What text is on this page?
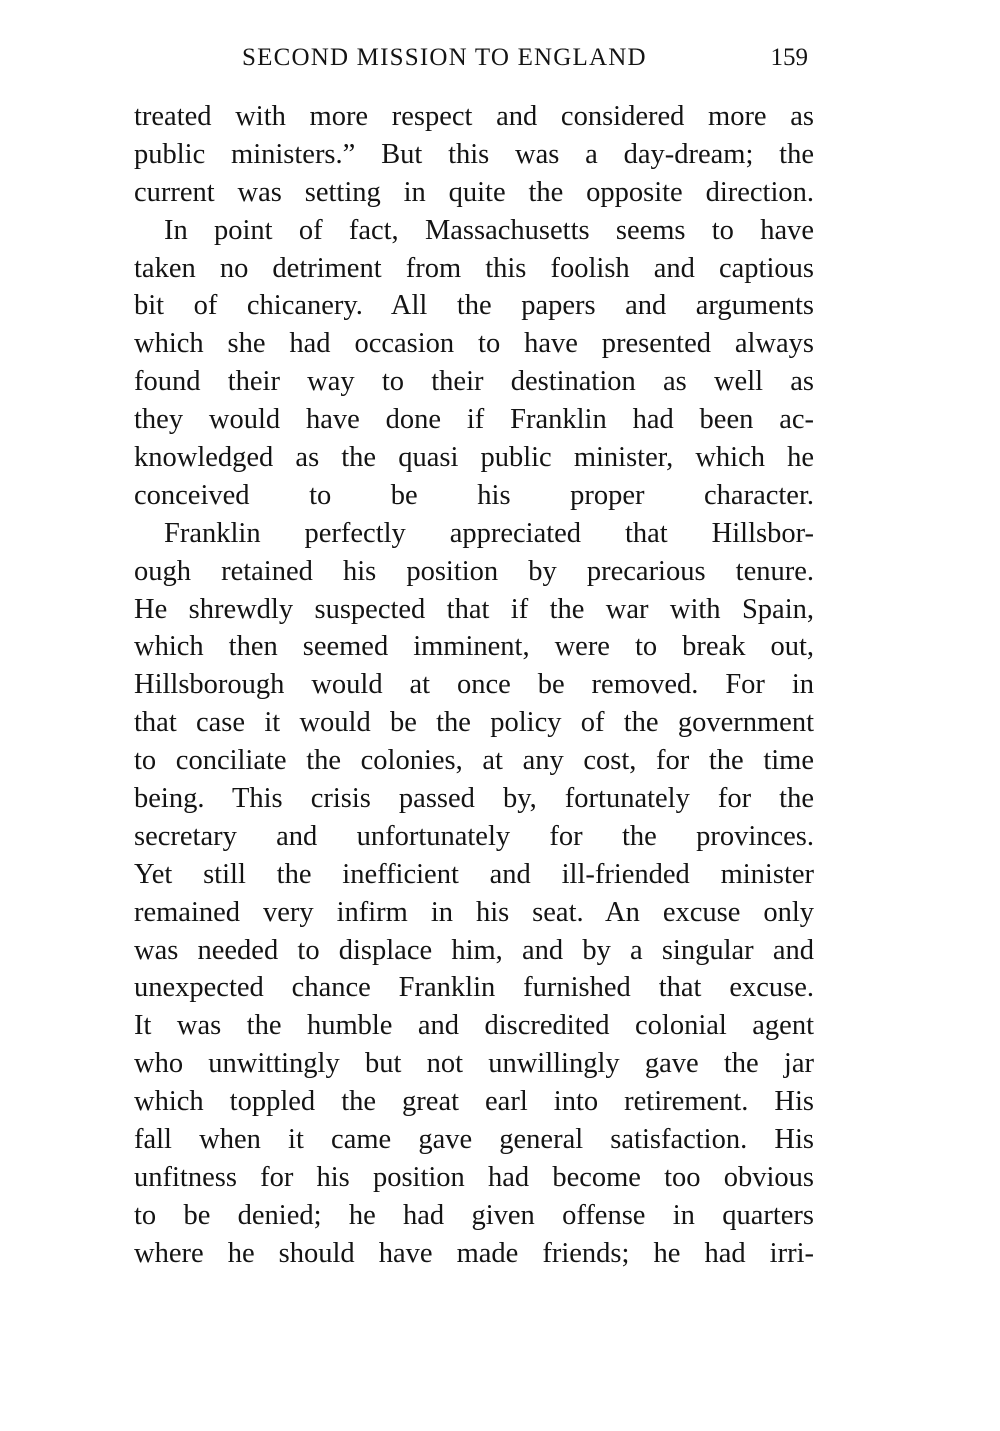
SECOND MISSION TO ENGLAND	159
treated with more respect and considered more as
public ministers.” But this was a day-dream; the
current was setting in quite the opposite direction.
In point of fact, Massachusetts seems to have
taken no detriment from this foolish and captious
bit of chicanery. All the papers and arguments
which she had occasion to have presented always
found their way to their destination as well as
they would have done if Franklin had been ac-
knowledged as the quasi public minister, which he
conceived to be his proper character.
Franklin perfectly appreciated that Hillsbor-
ough retained his position by precarious tenure.
He shrewdly suspected that if the war with Spain,
which then seemed imminent, were to break out,
Hillsborough would at once be removed. For in
that case it would be the policy of the government
to conciliate the colonies, at any cost, for the time
being. This crisis passed by, fortunately for the
secretary and unfortunately for the provinces.
Yet still the inefficient and ill-friended minister
remained very infirm in his seat. An excuse only
was needed to displace him, and by a singular and
unexpected chance Franklin furnished that excuse.
It was the humble and discredited colonial agent
who unwittingly but not unwillingly gave the jar
which toppled the great earl into retirement. His
fall when it came gave general satisfaction. His
unfitness for his position had become too obvious
to be denied; he had given offense in quarters
where he should have made friends; he had irri-
